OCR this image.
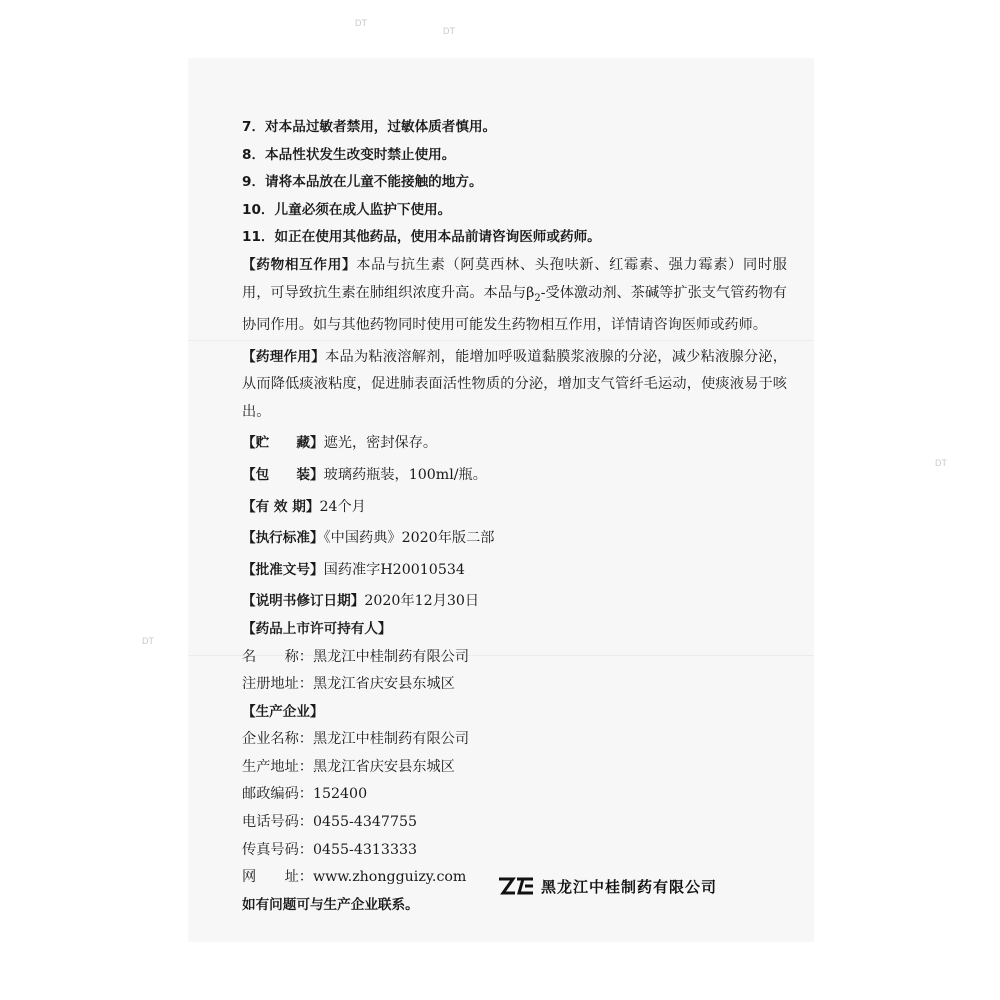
DT
DT
DT
DT
7．对本品过敏者禁用，过敏体质者慎用。
8．本品性状发生改变时禁止使用。
9．请将本品放在儿童不能接触的地方。
10．儿童必须在成人监护下使用。
11．如正在使用其他药品，使用本品前请咨询医师或药师。
【药物相互作用】本品与抗生素（阿莫西林、头孢呋新、红霉素、强力霉素）同时服用，可导致抗生素在肺组织浓度升高。本品与$\beta_2-$受体激动剂、茶碱等扩张支气管药物有协同作用。如与其他药物同时使用可能发生药物相互作用，详情请咨询医师或药师。
【药理作用】本品为粘液溶解剂，能增加呼吸道黏膜浆液腺的分泌，减少粘液腺分泌，从而降低痰液粘度，促进肺表面活性物质的分泌，增加支气管纤毛运动，使痰液易于咳出。
【贮　　藏】遮光，密封保存。
【包　　装】玻璃药瓶装，100ml/瓶。
【有 效 期】24个月
【执行标准】《中国药典》2020年版二部
【批准文号】国药准字H20010534
【说明书修订日期】2020年12月30日
【药品上市许可持有人】
名　　称：黑龙江中桂制药有限公司
注册地址：黑龙江省庆安县东城区
【生产企业】
企业名称：黑龙江中桂制药有限公司
生产地址：黑龙江省庆安县东城区
邮政编码：152400
电话号码：0455-4347755
传真号码：0455-4313333
网　　址：www.zhongguizy.com
如有问题可与生产企业联系。
黑龙江中桂制药有限公司
